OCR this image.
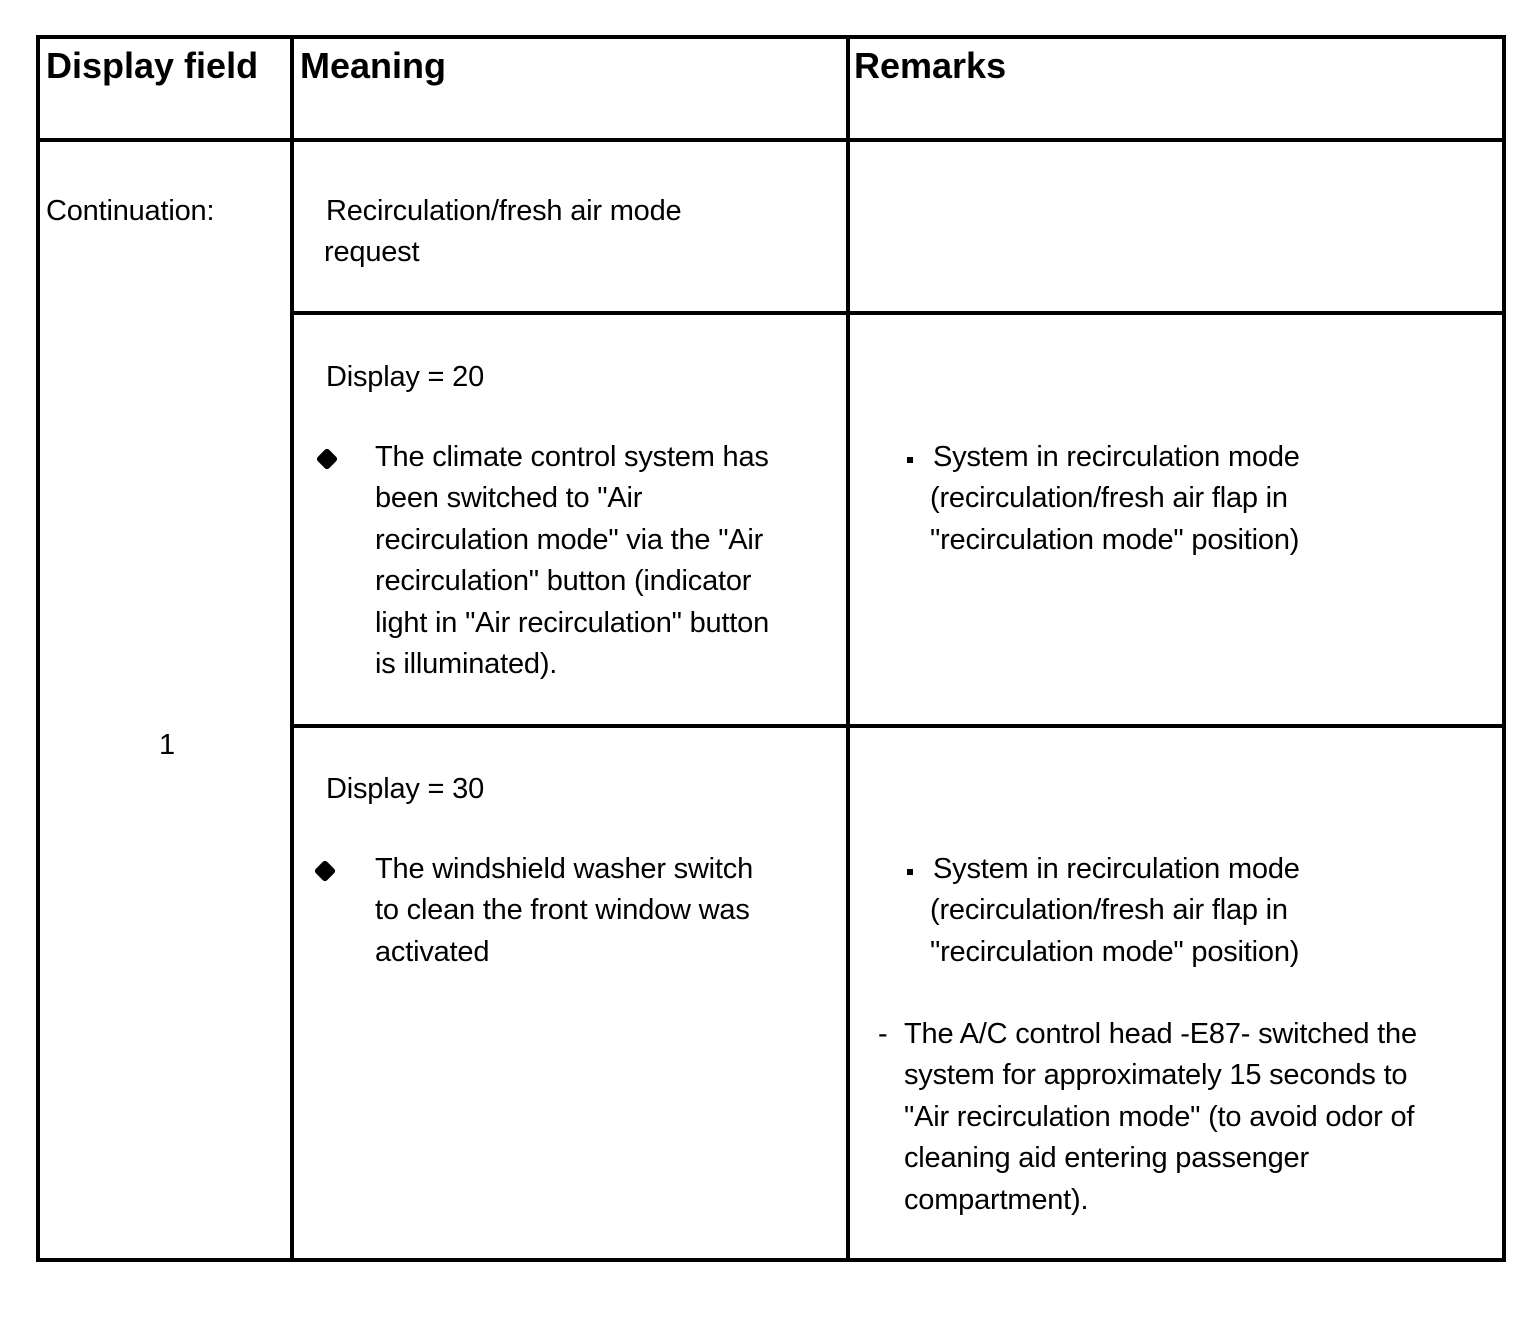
Display field Meaning	Remarks
Continuation:
1
Recirculation/fresh air mode
request
Display = 20
The climate control system has
been switched to "Air
recirculation mode" via the "Air
recirculation" button (indicator
light in "Air recirculation" button
is illuminated).
System in recirculation mode
(recirculation/fresh air flap in
"recirculation mode" position)
Display = 30
The windshield washer switch
to clean the front window was
activated
System in recirculation mode
(recirculation/fresh air flap in
"recirculation mode" position)
- The A/C control head -E87- switched the
system for approximately 15 seconds to
"Air recirculation mode" (to avoid odor of
cleaning aid entering passenger
compartment).
